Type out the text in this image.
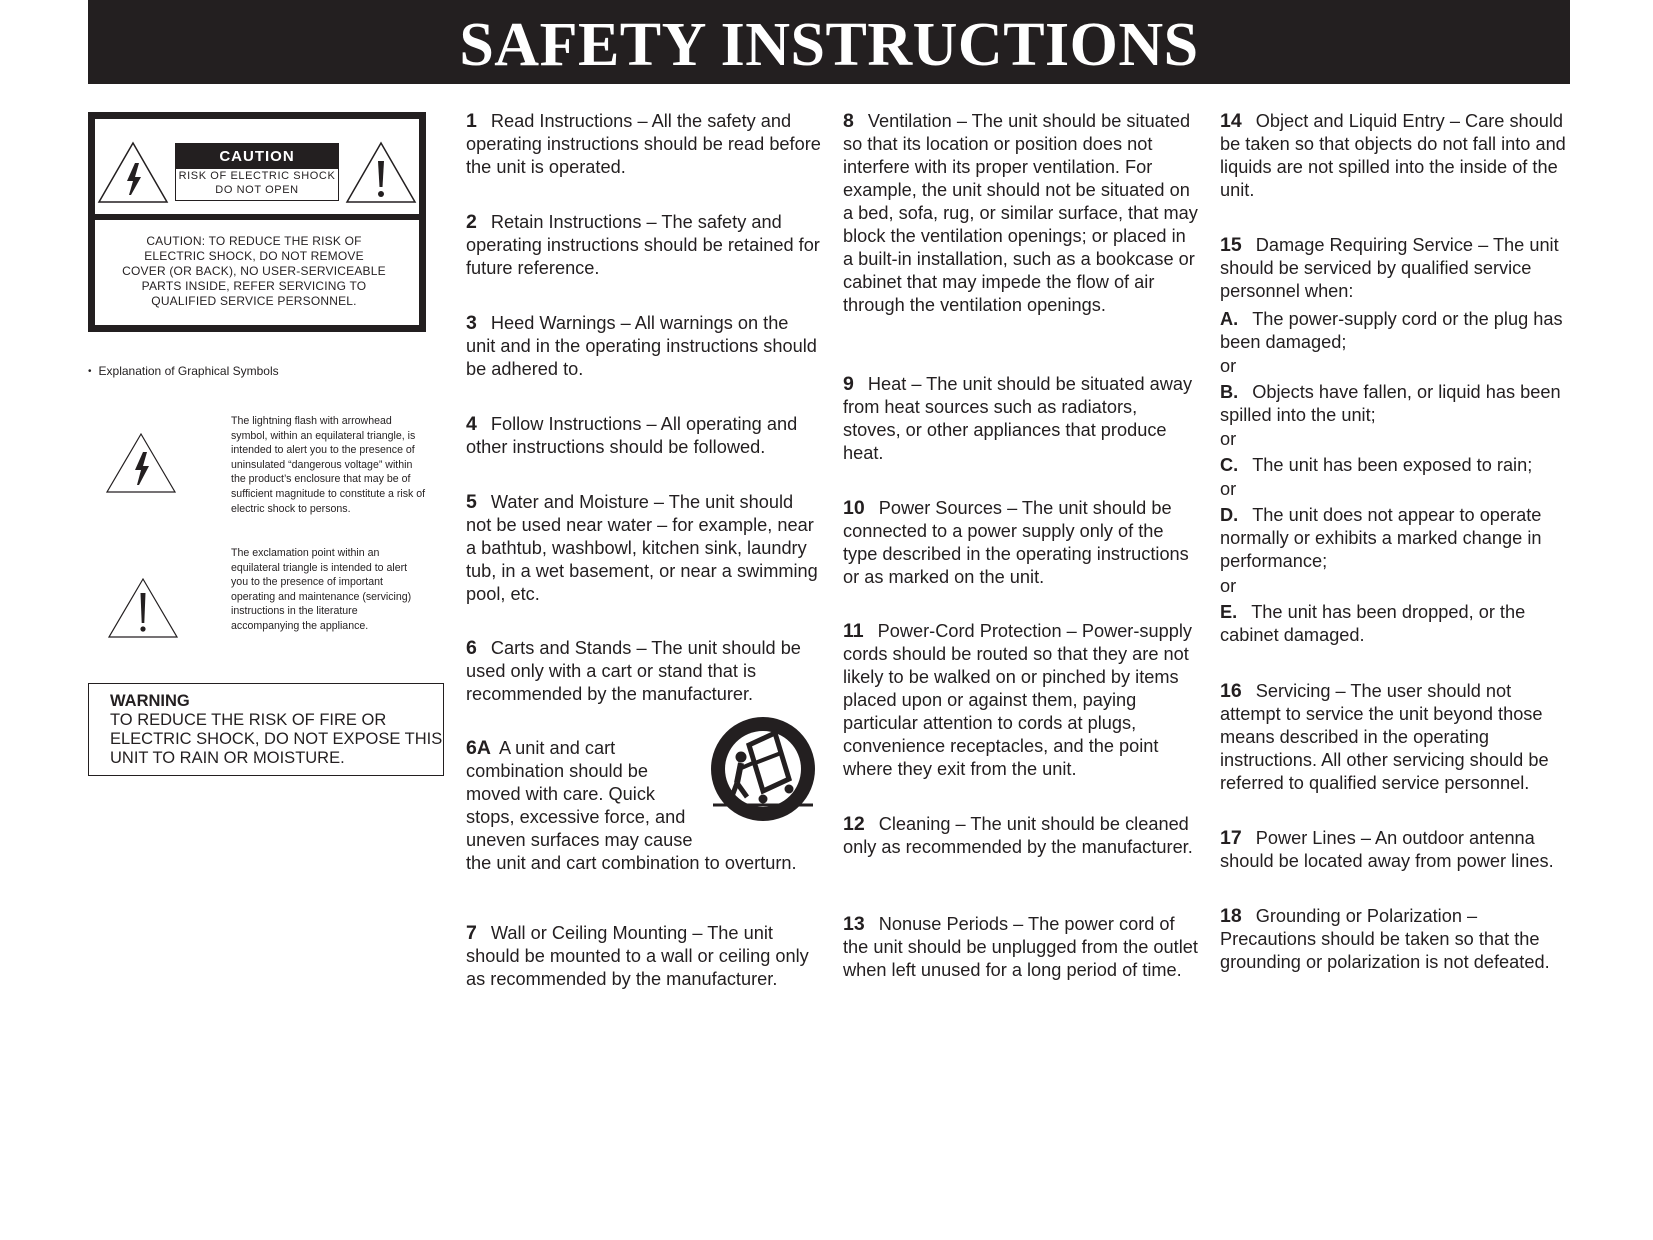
SAFETY INSTRUCTIONS
CAUTION
RISK OF ELECTRIC SHOCK
DO NOT OPEN
CAUTION: TO REDUCE THE RISK OF
ELECTRIC SHOCK, DO NOT REMOVE
COVER (OR BACK), NO USER-SERVICEABLE
PARTS INSIDE, REFER SERVICING TO
QUALIFIED SERVICE PERSONNEL.
• Explanation of Graphical Symbols
The lightning flash with arrowhead symbol, within an equilateral triangle, is intended to alert you to the presence of uninsulated “dangerous voltage” within the product’s enclosure that may be of sufficient magnitude to constitute a risk of electric shock to persons.
The exclamation point within an equilateral triangle is intended to alert you to the presence of important operating and maintenance (servicing) instructions in the literature accompanying the appliance.
WARNING
TO REDUCE THE RISK OF FIRE OR ELECTRIC SHOCK, DO NOT EXPOSE THIS UNIT TO RAIN OR MOISTURE.
1 Read Instructions – All the safety and operating instructions should be read before the unit is operated.
2 Retain Instructions – The safety and operating instructions should be retained for future reference.
3 Heed Warnings – All warnings on the unit and in the operating instructions should be adhered to.
4 Follow Instructions – All operating and other instructions should be followed.
5 Water and Moisture – The unit should not be used near water – for example, near a bathtub, washbowl, kitchen sink, laundry tub, in a wet basement, or near a swimming pool, etc.
6 Carts and Stands – The unit should be used only with a cart or stand that is recommended by the manufacturer.
6A A unit and cart
combination should be
moved with care. Quick
stops, excessive force, and
uneven surfaces may cause
the unit and cart combination to overturn.
7 Wall or Ceiling Mounting – The unit should be mounted to a wall or ceiling only as recommended by the manufacturer.
8 Ventilation – The unit should be situated so that its location or position does not interfere with its proper ventilation. For example, the unit should not be situated on a bed, sofa, rug, or similar surface, that may block the ventilation openings; or placed in a built-in installation, such as a bookcase or cabinet that may impede the flow of air through the ventilation openings.
9 Heat – The unit should be situated away from heat sources such as radiators, stoves, or other appliances that produce heat.
10 Power Sources – The unit should be connected to a power supply only of the type described in the operating instructions or as marked on the unit.
11 Power-Cord Protection – Power-supply cords should be routed so that they are not likely to be walked on or pinched by items placed upon or against them, paying particular attention to cords at plugs, convenience receptacles, and the point where they exit from the unit.
12 Cleaning – The unit should be cleaned only as recommended by the manufacturer.
13 Nonuse Periods – The power cord of the unit should be unplugged from the outlet when left unused for a long period of time.
14 Object and Liquid Entry – Care should be taken so that objects do not fall into and liquids are not spilled into the inside of the unit.
15 Damage Requiring Service – The unit should be serviced by qualified service personnel when:
A. The power-supply cord or the plug has been damaged;
or
B. Objects have fallen, or liquid has been spilled into the unit;
or
C. The unit has been exposed to rain;
or
D. The unit does not appear to operate normally or exhibits a marked change in performance;
or
E. The unit has been dropped, or the cabinet damaged.
16 Servicing – The user should not attempt to service the unit beyond those means described in the operating instructions. All other servicing should be referred to qualified service personnel.
17 Power Lines – An outdoor antenna should be located away from power lines.
18 Grounding or Polarization – Precautions should be taken so that the grounding or polarization is not defeated.
